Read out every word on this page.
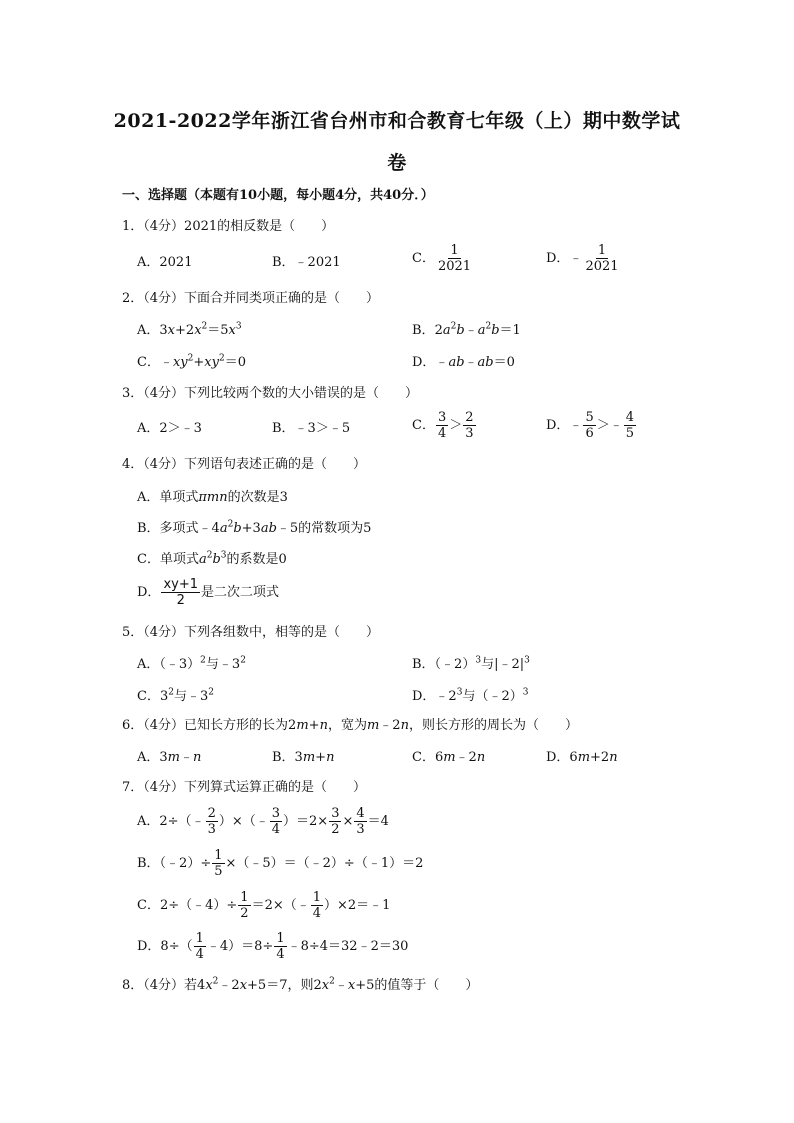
2021-2022学年浙江省台州市和合教育七年级（上）期中数学试
卷
一、选择题（本题有10小题，每小题4分，共40分．）
1．（4分）2021的相反数是（　　）
A．2021	B．﹣2021	C． $\frac{1}{2021}$	D．﹣ $\frac{1}{2021}$
2．（4分）下面合并同类项正确的是（　　）
A．$3x+2x^2=5x^3$	B．$2a^2b﹣a^2b=1$
C．$﹣xy^2+xy^2=0$	D．﹣ab﹣ab＝0
3．（4分）下列比较两个数的大小错误的是（　　）
A．2＞﹣3	B．﹣3＞﹣5	C． $\frac{3}{4} > \frac{2}{3}$	D．﹣ $\frac{5}{6}$ ＞﹣ $\frac{4}{5}$
4．（4分）下列语句表述正确的是（　　）
A．单项式πmn的次数是3
B．多项式$﹣4a^2b+3ab﹣5$的常数项为5
C．单项式$a^2b^3$的系数是0
D． $\frac{xy+1}{2}$ 是二次二项式
5．（4分）下列各组数中，相等的是（　　）
A．（﹣3）$^2$与$﹣3^2$	B．（﹣2）$^3$与$|﹣2|^3$
C．$3^2$与$﹣3^2$	D．$﹣2^3$与（﹣2）$^3$
6．（4分）已知长方形的长为2m+n，宽为m﹣2n，则长方形的周长为（　　）
A．3m﹣n	B．3m+n	C．6m﹣2n	D．6m+2n
7．（4分）下列算式运算正确的是（　　）
A．2÷（﹣ $\frac{2}{3}$ ）×（﹣ $\frac{3}{4} )=2\times \frac{3}{2} \times \frac{4}{3} =4$
B．（﹣2）÷ $\frac{1}{5}$ ×（﹣5）＝（﹣2）÷（﹣1）＝2
C．2÷（﹣4）÷ $\frac{1}{2}$ ＝2×（﹣ $\frac{1}{4}$ ）×2＝﹣1
D．$8\div( \frac{1}{4}$ ﹣4）＝8÷ $\frac{1}{4}$ ﹣8÷4＝32﹣2＝30
8．（4分）若$4x^2﹣2x+5=7$，则$2x^2﹣x+5$的值等于（　　）
